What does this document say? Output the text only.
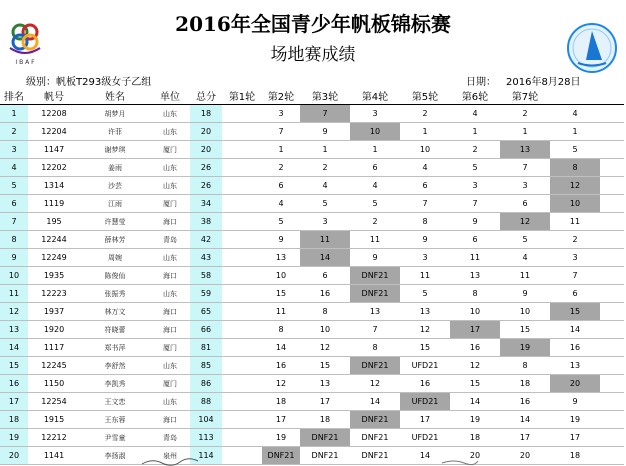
2016年全国青少年帆板锦标赛
场地赛成绩
I B A F
级别：帆板T293级女子乙组	日期： 2016年8月28日
排名	帆号	姓名	单位	总分	第1轮	第2轮	第3轮	第4轮	第5轮	第6轮	第7轮		
1	12208	胡梦月	山东	18		3	7	3	2	4	2	4	
2	12204	许菲	山东	20		7	9	10	1	1	1	1	
3	1147	谢梦琪	厦门	20		1	1	1	10	2	13	5	
4	12202	姜雨	山东	26		2	2	6	4	5	7	8	
5	1314	沙芸	山东	26		6	4	4	6	3	3	12	
6	1119	江雨	厦门	34		4	5	5	7	7	6	10	
7	195	许慧莹	海口	38		5	3	2	8	9	12	11	
8	12244	薛林芳	青岛	42		9	11	11	9	6	5	2	
9	12249	周婉	山东	43		13	14	9	3	11	4	3	
10	1935	陈俊仙	海口	58		10	6	DNF21	11	13	11	7	
11	12223	张振秀	山东	59		15	16	DNF21	5	8	9	6	
12	1937	林万文	海口	65		11	8	13	13	10	10	15	
13	1920	符晓蕾	海口	66		8	10	7	12	17	15	14	
14	1117	郑书萍	厦门	81		14	12	8	15	16	19	16	
15	12245	李舒然	山东	85		16	15	DNF21	UFD21	12	8	13	
16	1150	李凯秀	厦门	86		12	13	12	16	15	18	20	
17	12254	王文恋	山东	88		18	17	14	UFD21	14	16	9	
18	1915	王东蓉	海口	104		17	18	DNF21	17	19	14	19	
19	12212	尹雪童	青岛	113		19	DNF21	DNF21	UFD21	18	17	17	
20	1141	李扬淑	泉州	114		DNF21	DNF21	DNF21	14	20	20	18	
